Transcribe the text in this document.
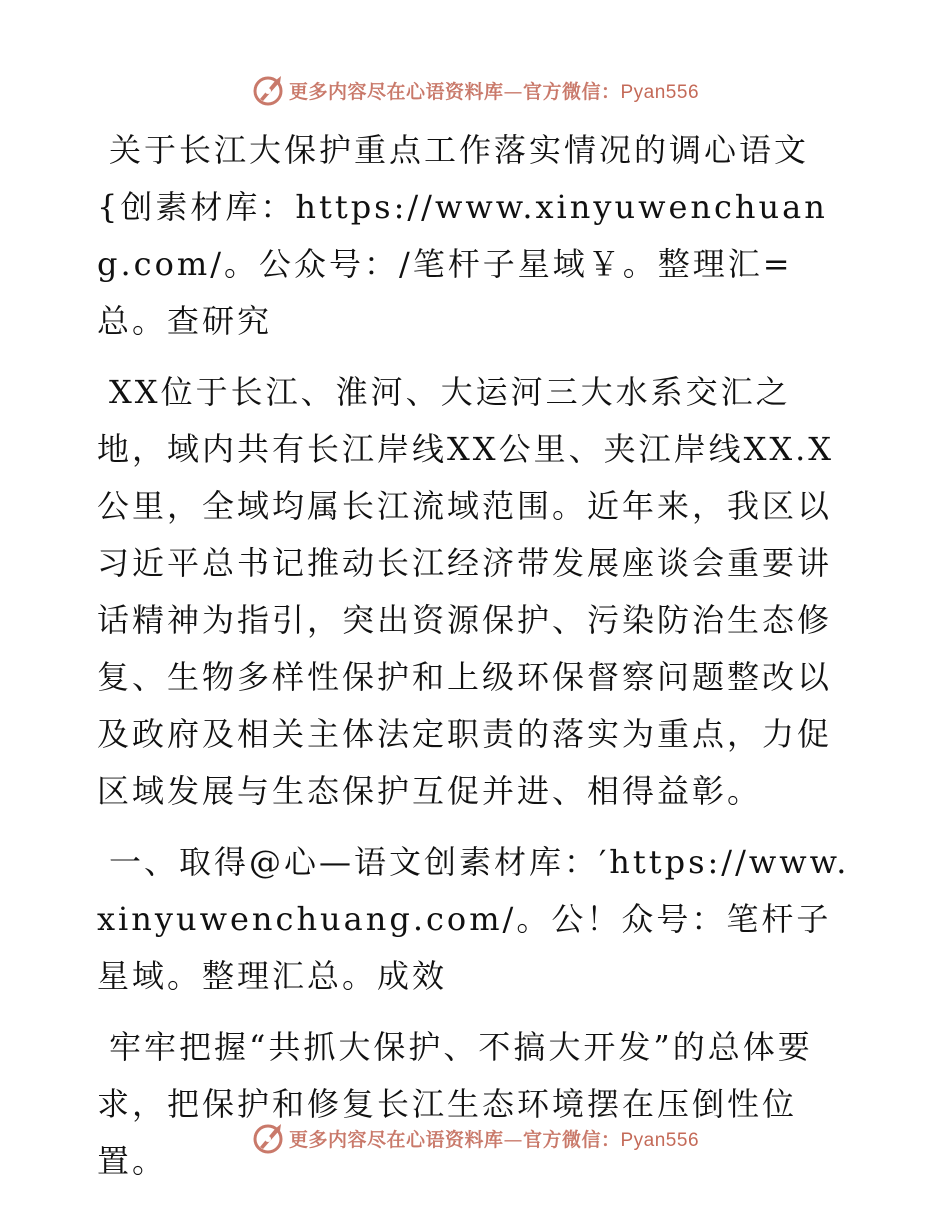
更多内容尽在心语资料库—官方微信：Pyan556

关于长江大保护重点工作落实情况的调心语文{创素材库：https://www.xinyuwenchuang.com/。公众号：/笔杆子星域￥。整理汇=总。查研究

XX位于长江、淮河、大运河三大水系交汇之地，域内共有长江岸线XX公里、夹江岸线XX.X公里，全域均属长江流域范围。近年来，我区以习近平总书记推动长江经济带发展座谈会重要讲话精神为指引，突出资源保护、污染防治生态修复、生物多样性保护和上级环保督察问题整改以及政府及相关主体法定职责的落实为重点，力促区域发展与生态保护互促并进、相得益彰。

一、取得@心—语文创素材库：′https://www.xinyuwenchuang.com/。公！众号：笔杆子星域。整理汇总。成效

牢牢把握“共抓大保护、不搞大开发”的总体要求，把保护和修复长江生态环境摆在压倒性位置。

更多内容尽在心语资料库—官方微信：Pyan556
